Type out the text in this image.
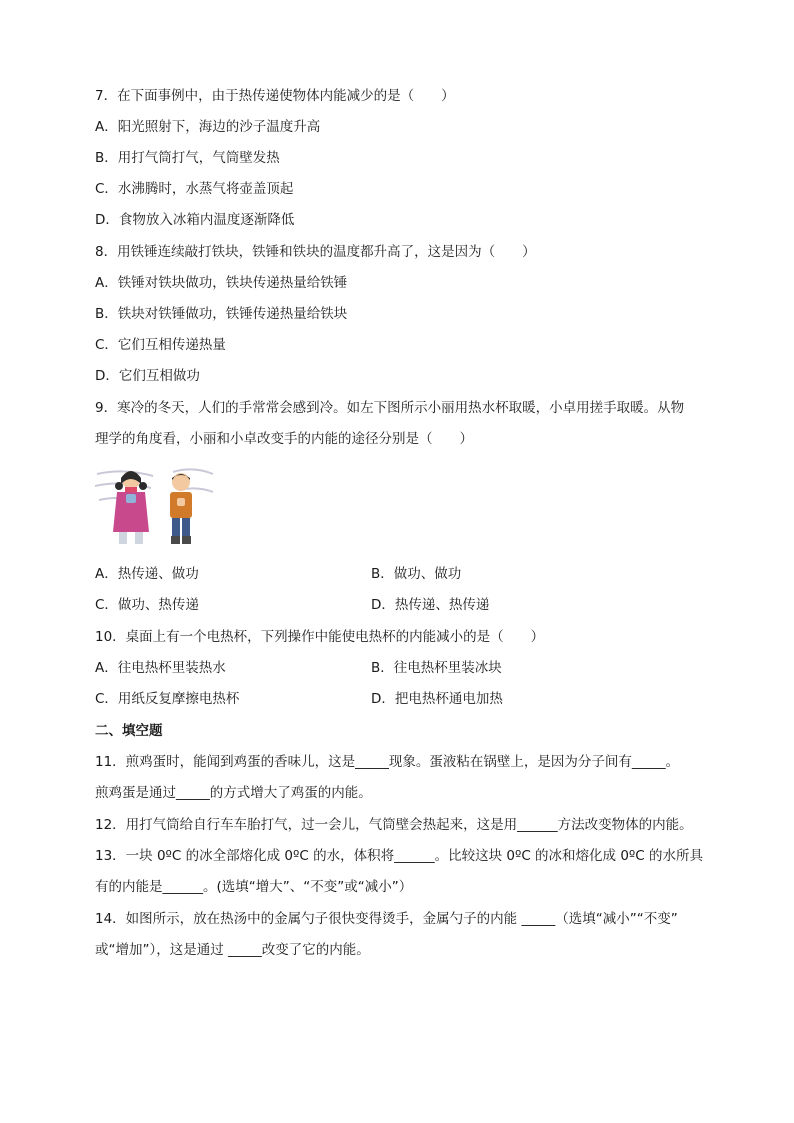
7．在下面事例中，由于热传递使物体内能减少的是（　　）
A．阳光照射下，海边的沙子温度升高
B．用打气筒打气，气筒壁发热
C．水沸腾时，水蒸气将壶盖顶起
D．食物放入冰箱内温度逐渐降低
8．用铁锤连续敲打铁块，铁锤和铁块的温度都升高了，这是因为（　　）
A．铁锤对铁块做功，铁块传递热量给铁锤
B．铁块对铁锤做功，铁锤传递热量给铁块
C．它们互相传递热量
D．它们互相做功
9．寒冷的冬天，人们的手常常会感到冷。如左下图所示小丽用热水杯取暖，小卓用搓手取暖。从物
理学的角度看，小丽和小卓改变手的内能的途径分别是（　　）
A．热传递、做功	B．做功、做功
C．做功、热传递	D．热传递、热传递
10．桌面上有一个电热杯，下列操作中能使电热杯的内能减小的是（　　）
A．往电热杯里装热水	B．往电热杯里装冰块
C．用纸反复摩擦电热杯	D．把电热杯通电加热
二、填空题
11．煎鸡蛋时，能闻到鸡蛋的香味儿，这是_____现象。蛋液粘在锅壁上，是因为分子间有_____。
煎鸡蛋是通过_____的方式增大了鸡蛋的内能。
12．用打气筒给自行车车胎打气，过一会儿，气筒壁会热起来，这是用______方法改变物体的内能。
13．一块 0ºC 的冰全部熔化成 0ºC 的水，体积将______。比较这块 0ºC 的冰和熔化成 0ºC 的水所具
有的内能是______。(选填“增大”、“不变”或“减小”）
14．如图所示，放在热汤中的金属勺子很快变得烫手，金属勺子的内能 _____（选填“减小”“不变”
或“增加”），这是通过 _____改变了它的内能。
